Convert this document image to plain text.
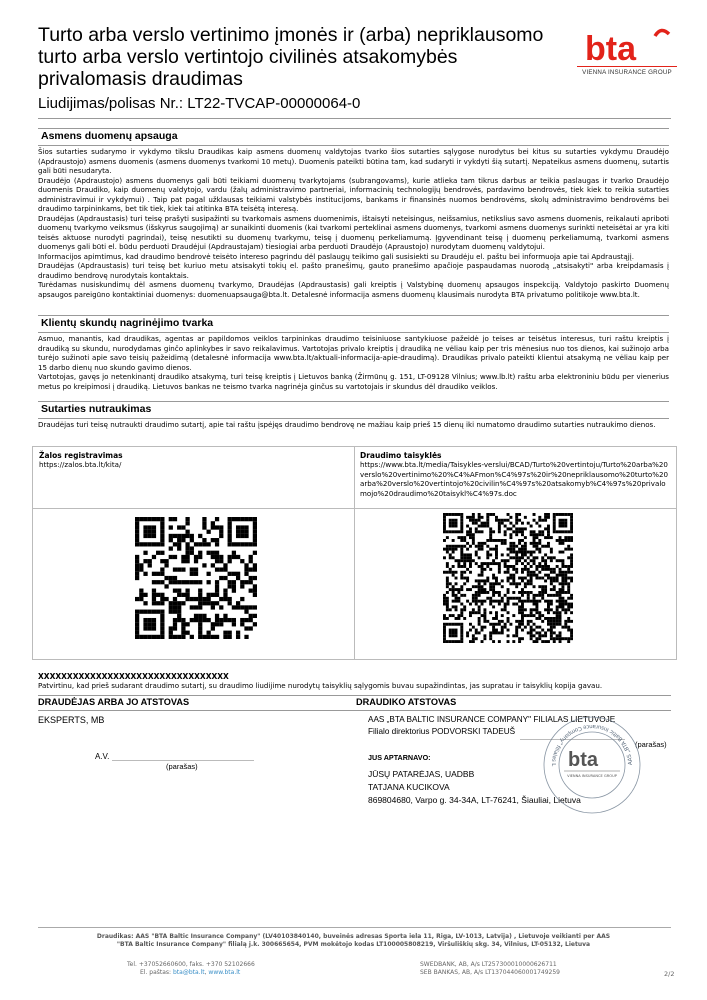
Turto arba verslo vertinimo įmonės ir (arba) nepriklausomo turto arba verslo vertintojo civilinės atsakomybės privalomasis draudimas
Liudijimas/polisas Nr.: LT22-TVCAP-00000064-0
bta
VIENNA INSURANCE GROUP
Asmens duomenų apsauga

Šios sutarties sudarymo ir vykdymo tikslu Draudikas kaip asmens duomenų valdytojas tvarko šios sutarties sąlygose nurodytus bei kitus su sutarties vykdymu Draudėjo (Apdraustojo) asmens duomenis (asmens duomenys tvarkomi 10 metų). Duomenis pateikti būtina tam, kad sudaryti ir vykdyti šią sutartį. Nepateikus asmens duomenų, sutartis gali būti nesudaryta.

Draudėjo (Apdraustojo) asmens duomenys gali būti teikiami duomenų tvarkytojams (subrangovams), kurie atlieka tam tikrus darbus ar teikia paslaugas ir tvarko Draudėjo duomenis Draudiko, kaip duomenų valdytojo, vardu (žalų administravimo partneriai, informacinių technologijų bendrovės, pardavimo bendrovės, tiek kiek to reikia sutarties administravimui ir vykdymui) . Taip pat pagal užklausas teikiami valstybės institucijoms, bankams ir finansinės nuomos bendrovėms, skolų administravimo bendrovėms bei draudimo tarpininkams, bet tik tiek, kiek tai atitinka BTA teisėtą interesą.

Draudėjas (Apdraustasis) turi teisę prašyti susipažinti su tvarkomais asmens duomenimis, ištaisyti neteisingus, neišsamius, netikslius savo asmens duomenis, reikalauti apriboti duomenų tvarkymo veiksmus (išskyrus saugojimą) ar sunaikinti duomenis (kai tvarkomi perteklinai asmens duomenys, tvarkomi asmens duomenys surinkti neteisėtai ar yra kiti teisės aktuose nurodyti pagrindai), teisę nesutikti su duomenų tvarkymu, teisę į duomenų perkeliamumą. Įgyvendinant teisę į duomenų perkeliamumą, tvarkomi asmens duomenys gali būti el. būdu perduoti Draudėjui (Apdraustajam) tiesiogiai arba perduoti Draudėjo (Apraustojo) nurodytam duomenų valdytojui.

Informacijos apimtimus, kad draudimo bendrovė teisėto intereso pagrindu dėl paslaugų teikimo gali susisiekti su Draudėju el. paštu bei informuoja apie tai Apdraustąjį.

Draudėjas (Apdraustasis) turi teisę bet kuriuo metu atsisakyti tokių el. pašto pranešimų, gauto pranešimo apačioje paspaudamas nuorodą „atsisakyti" arba kreipdamasis į draudimo bendrovę nurodytais kontaktais.

Turėdamas nusiskundimų dėl asmens duomenų tvarkymo, Draudėjas (Apdraustasis) gali kreiptis į Valstybinę duomenų apsaugos inspekciją. Valdytojo paskirto Duomenų apsaugos pareigūno kontaktiniai duomenys: duomenuapsauga@bta.lt. Detalesnė informacija asmens duomenų klausimais nurodyta BTA privatumo politikoje www.bta.lt.

Klientų skundų nagrinėjimo tvarka

Asmuo, manantis, kad draudikas, agentas ar papildomos veiklos tarpininkas draudimo teisiniuose santykiuose pažeidė jo teises ar teisėtus interesus, turi raštu kreiptis į draudiką su skundu, nurodydamas ginčo aplinkybes ir savo reikalavimus. Vartotojas privalo kreiptis į draudiką ne vėliau kaip per tris mėnesius nuo tos dienos, kai sužinojo arba turėjo sužinoti apie savo teisių pažeidimą (detalesnė informacija www.bta.lt/aktuali-informacija-apie-draudimą). Draudikas privalo pateikti klientui atsakymą ne vėliau kaip per 15 darbo dienų nuo skundo gavimo dienos.

Vartotojas, gavęs jo netenkinantį draudiko atsakymą, turi teisę kreiptis į Lietuvos banką (Žirmūnų g. 151, LT-09128 Vilnius; www.lb.lt) raštu arba elektroniniu būdu per vienerius metus po kreipimosi į draudiką. Lietuvos bankas ne teismo tvarka nagrinėja ginčus su vartotojais ir skundus dėl draudiko veiklos.

Sutarties nutraukimas

Draudėjas turi teisę nutraukti draudimo sutartį, apie tai raštu įspėjęs draudimo bendrovę ne mažiau kaip prieš 15 dienų iki numatomo draudimo sutarties nutraukimo dienos.

Žalos registravimas
https://zalos.bta.lt/kita/
Draudimo taisyklės
https://www.bta.lt/media/Taisykles-verslui/BCAD/Turto%20vertintoju/Turto%20arba%20verslo%20vertinimo%20%C4%AFmon%C4%97s%20ir%20nepriklausomo%20turto%20arba%20verslo%20vertintojo%20civilin%C4%97s%20atsakomyb%C4%97s%20privalomojo%20draudimo%20taisykl%C4%97s.doc
XXXXXXXXXXXXXXXXXXXXXXXXXXXXXXXXX
Patvirtinu, kad prieš sudarant draudimo sutartį, su draudimo liudijime nurodytų taisyklių sąlygomis buvau supažindintas, jas supratau ir taisyklių kopija gavau.
DRAUDĖJAS ARBA JO ATSTOVAS	DRAUDIKO ATSTOVAS
EKSPERTS, MB
A.V.
(parašas)
AAS „BTA BALTIC INSURANCE COMPANY" FILIALAS LIETUVOJE
Filialo direktorius PODVORSKI TADEUŠ
(parašas)
JUS APTARNAVO:
JŪSŲ PATARĖJAS, UADBB
TATJANA KUCIKOVA
869804680, Varpo g. 34-34A, LT-76241, Šiauliai, Lietuva
AAS „BTA Baltic Insurance Company" filialas L bta
VIENNA INSURANCE GROUP
Draudikas: AAS "BTA Baltic Insurance Company" (LV40103840140, buveinės adresas Sporta iela 11, Riga, LV-1013, Latvija) , Lietuvoje veikianti per AAS
"BTA Baltic Insurance Company" filialą j.k. 300665654, PVM mokėtojo kodas LT100005808219, Viršuliškių skg. 34, Vilnius, LT-05132, Lietuva
Tel. +37052660600, faks. +370 52102666
El. paštas: bta@bta.lt, www.bta.lt
SWEDBANK, AB, A/s LT257300010000626711
SEB BANKAS, AB, A/s LT137044060001749259	2/2
